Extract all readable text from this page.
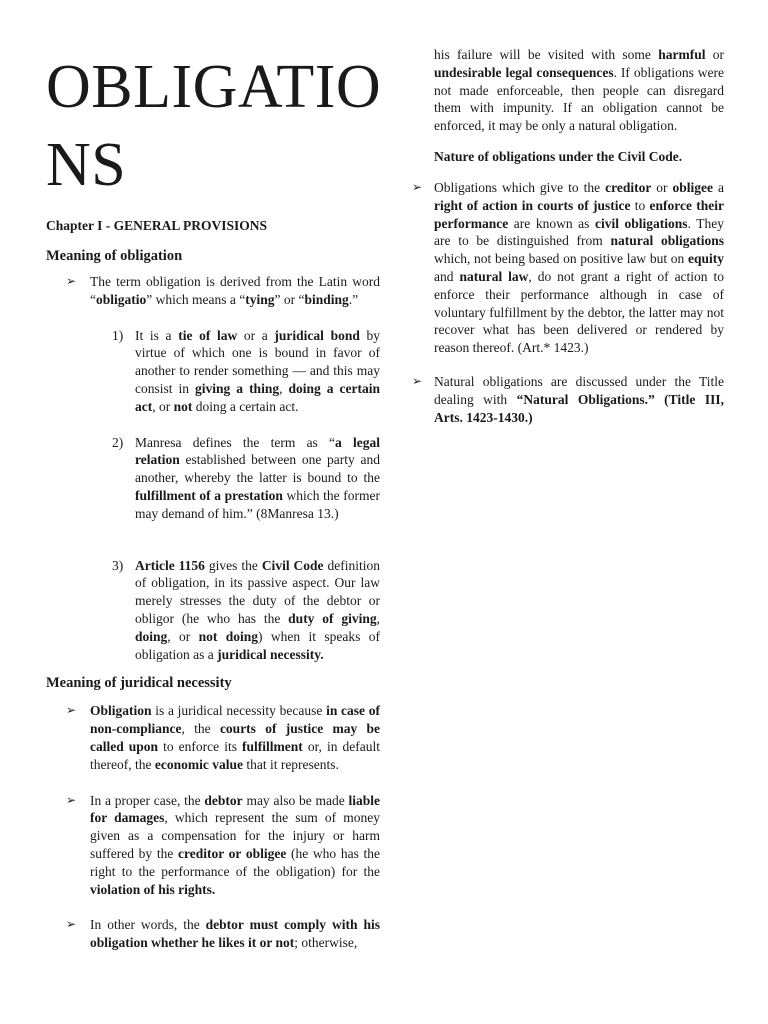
OBLIGATIONS
Chapter I - GENERAL PROVISIONS
Meaning of obligation
➢ The term obligation is derived from the Latin word “obligatio” which means a “tying” or “binding.”
1) It is a tie of law or a juridical bond by virtue of which one is bound in favor of another to render something — and this may consist in giving a thing, doing a certain act, or not doing a certain act.
2) Manresa defines the term as “a legal relation established between one party and another, whereby the latter is bound to the fulfillment of a prestation which the former may demand of him.” (8Manresa 13.)
3) Article 1156 gives the Civil Code definition of obligation, in its passive aspect. Our law merely stresses the duty of the debtor or obligor (he who has the duty of giving, doing, or not doing) when it speaks of obligation as a juridical necessity.
Meaning of juridical necessity
➢ Obligation is a juridical necessity because in case of non-compliance, the courts of justice may be called upon to enforce its fulfillment or, in default thereof, the economic value that it represents.
➢ In a proper case, the debtor may also be made liable for damages, which represent the sum of money given as a compensation for the injury or harm suffered by the creditor or obligee (he who has the right to the performance of the obligation) for the violation of his rights.
➢ In other words, the debtor must comply with his obligation whether he likes it or not; otherwise,
his failure will be visited with some harmful or undesirable legal consequences. If obligations were not made enforceable, then people can disregard them with impunity. If an obligation cannot be enforced, it may be only a natural obligation.
Nature of obligations under the Civil Code.
➢ Obligations which give to the creditor or obligee a right of action in courts of justice to enforce their performance are known as civil obligations. They are to be distinguished from natural obligations which, not being based on positive law but on equity and natural law, do not grant a right of action to enforce their performance although in case of voluntary fulfillment by the debtor, the latter may not recover what has been delivered or rendered by reason thereof. (Art.* 1423.)
➢ Natural obligations are discussed under the Title dealing with “Natural Obligations.” (Title III, Arts. 1423-1430.)
